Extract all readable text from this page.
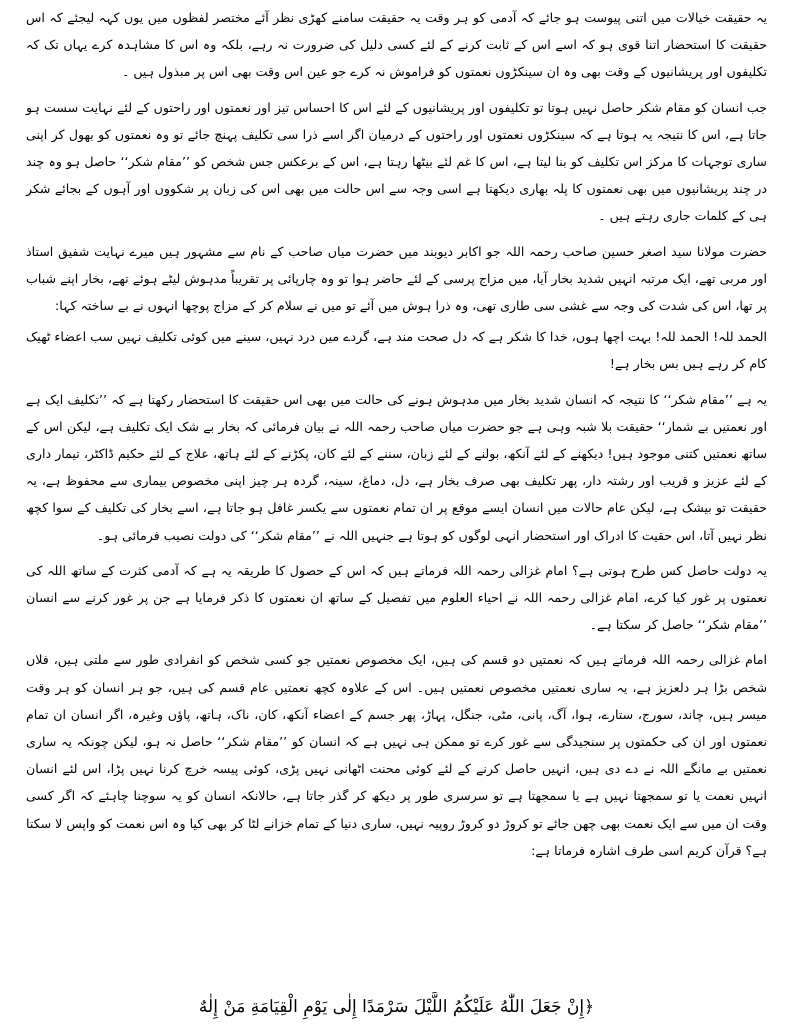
یہ حقیقت خیالات میں اتنی پیوست ہو جائے کہ آدمی کو ہر وقت یہ حقیقت سامنے کھڑی نظر آئے مختصر لفظوں میں یوں کہہ لیجئے کہ اس حقیقت کا استحضار اتنا قوی ہو کہ اسے اس کے ثابت کرنے کے لئے کسی دلیل کی ضرورت نہ رہے، بلکہ وہ اس کا مشاہدہ کرے یہاں تک کہ تکلیفوں اور پریشانیوں کے وقت بھی وہ ان سینکڑوں نعمتوں کو فراموش نہ کرے جو عین اس وقت بھی اس پر مبذول ہیں ۔

جب انسان کو مقام شکر حاصل نہیں ہوتا تو تکلیفوں اور پریشانیوں کے لئے اس کا احساس تیز اور نعمتوں اور راحتوں کے لئے نہایت سست ہو جاتا ہے، اس کا نتیجہ یہ ہوتا ہے کہ سینکڑوں نعمتوں اور راحتوں کے درمیان اگر اسے ذرا سی تکلیف پہنچ جائے تو وہ نعمتوں کو بھول کر اپنی ساری توجہات کا مرکز اس تکلیف کو بنا لیتا ہے، اس کا غم لئے بیٹھا رہتا ہے، اس کے برعکس جس شخص کو ’’مقام شکر‘‘ حاصل ہو وہ چند در چند پریشانیوں میں بھی نعمتوں کا پلہ بھاری دیکھتا ہے اسی وجہ سے اس حالت میں بھی اس کی زبان پر شکووں اور آہوں کے بجائے شکر ہی کے کلمات جاری رہتے ہیں ۔

حضرت مولانا سید اصغر حسین صاحب رحمہ اللہ جو اکابر دیوبند میں حضرت میاں صاحب کے نام سے مشہور ہیں میرے نہایت شفیق استاذ اور مربی تھے، ایک مرتبہ انہیں شدید بخار آیا، میں مزاج پرسی کے لئے حاضر ہوا تو وہ چارپائی پر تقریباً مدہوش لیٹے ہوئے تھے، بخار اپنے شباب پر تھا، اس کی شدت کی وجہ سے غشی سی طاری تھی، وہ ذرا ہوش میں آئے تو میں نے سلام کر کے مزاج پوچھا انہوں نے بے ساختہ کہا:

الحمد للہ! الحمد للہ! بہت اچھا ہوں، خدا کا شکر ہے کہ دل صحت مند ہے، گردے میں درد نہیں، سینے میں کوئی تکلیف نہیں سب اعضاء ٹھیک کام کر رہے ہیں بس بخار ہے!

یہ ہے ’’مقام شکر‘‘ کا نتیجہ کہ انسان شدید بخار میں مدہوش ہونے کی حالت میں بھی اس حقیقت کا استحضار رکھتا ہے کہ ’’تکلیف ایک ہے اور نعمتیں بے شمار‘‘ حقیقت بلا شبہ وہی ہے جو حضرت میاں صاحب رحمہ اللہ نے بیان فرمائی کہ بخار بے شک ایک تکلیف ہے، لیکن اس کے ساتھ نعمتیں کتنی موجود ہیں! دیکھنے کے لئے آنکھ، بولنے کے لئے زبان، سننے کے لئے کان، پکڑنے کے لئے ہاتھ، علاج کے لئے حکیم ڈاکٹر، تیمار داری کے لئے عزیز و قریب اور رشتہ دار، پھر تکلیف بھی صرف بخار ہے، دل، دماغ، سینہ، گردہ ہر چیز اپنی مخصوص بیماری سے محفوظ ہے، یہ حقیقت تو بیشک ہے، لیکن عام حالات میں انسان ایسے موقع پر ان تمام نعمتوں سے یکسر غافل ہو جاتا ہے، اسے بخار کی تکلیف کے سوا کچھ نظر نہیں آتا، اس حقیت کا ادراک اور استحضار انہی لوگوں کو ہوتا ہے جنہیں اللہ نے ’’مقام شکر‘‘ کی دولت نصیب فرمائی ہو۔

یہ دولت حاصل کس طرح ہوتی ہے؟ امام غزالی رحمہ اللہ فرماتے ہیں کہ اس کے حصول کا طریقہ یہ ہے کہ آدمی کثرت کے ساتھ اللہ کی نعمتوں پر غور کیا کرے، امام غزالی رحمہ اللہ نے احیاء العلوم میں تفصیل کے ساتھ ان نعمتوں کا ذکر فرمایا ہے جن پر غور کرنے سے انسان ’’مقام شکر‘‘ حاصل کر سکتا ہے۔

امام غزالی رحمہ اللہ فرماتے ہیں کہ نعمتیں دو قسم کی ہیں، ایک مخصوص نعمتیں جو کسی شخص کو انفرادی طور سے ملتی ہیں، فلاں شخص بڑا ہر دلعزیز ہے، یہ ساری نعمتیں مخصوص نعمتیں ہیں۔ اس کے علاوہ کچھ نعمتیں عام قسم کی ہیں، جو ہر انسان کو ہر وقت میسر ہیں، چاند، سورج، ستارے، ہوا، آگ، پانی، مٹی، جنگل، پہاڑ، پھر جسم کے اعضاء آنکھ، کان، ناک، ہاتھ، پاؤں وغیرہ، اگر انسان ان تمام نعمتوں اور ان کی حکمتوں پر سنجیدگی سے غور کرے تو ممکن ہی نہیں ہے کہ انسان کو ’’مقام شکر‘‘ حاصل نہ ہو، لیکن چونکہ یہ ساری نعمتیں بے مانگے اللہ نے دے دی ہیں، انہیں حاصل کرنے کے لئے کوئی محنت اٹھانی نہیں پڑی، کوئی پیسہ خرچ کرنا نہیں پڑا، اس لئے انسان انہیں نعمت یا تو سمجھتا نہیں ہے یا سمجھتا ہے تو سرسری طور پر دیکھ کر گذر جاتا ہے، حالانکہ انسان کو یہ سوچنا چاہئے کہ اگر کسی وقت ان میں سے ایک نعمت بھی چھن جائے تو کروڑ دو کروڑ روپیہ نہیں، ساری دنیا کے تمام خزانے لٹا کر بھی کیا وہ اس نعمت کو واپس لا سکتا ہے؟ قرآن کریم اسی طرف اشارہ فرماتا ہے:

﴿إِنْ جَعَلَ اللّٰهُ عَلَيْكُمُ اللَّيْلَ سَرْمَدًا إِلٰى يَوْمِ الْقِيَامَةِ مَنْ إِلٰهٌ
